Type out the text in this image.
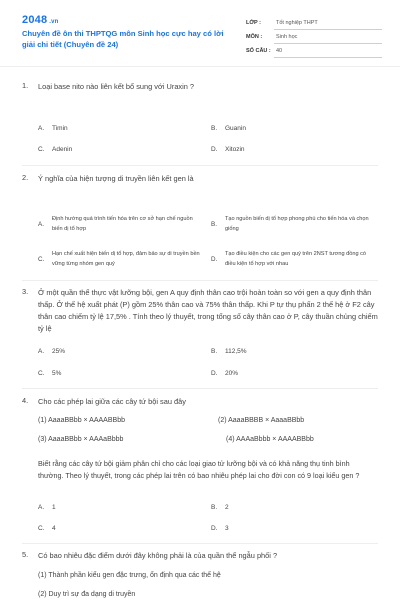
2048 .vn
Chuyên đề ôn thi THPTQG môn Sinh học cực hay có lời giải chi tiết (Chuyên đề 24)
LỚP :	Tốt nghiệp THPT
MÔN :	Sinh học
SỐ CÂU : 40
1. Loại base nito nào liên kết bổ sung với Uraxin ?
A. Timin	B. Guanin
C. Adenin	D. Xitozin
2. Ý nghĩa của hiện tượng di truyền liên kết gen là
A.
Định hướng quá trình tiến hóa trên cơ sở hạn chế nguồn biến dị tổ hợp
B.
Tạo nguồn biến dị tổ hợp phong phú cho tiến hóa và chọn giống
C.
Hạn chế xuất hiện biến dị tổ hợp, đảm bảo sự di truyền bền vững từng nhóm gen quý
D.
Tạo điều kiện cho các gen quý trên 2NST tương đồng có điều kiện tổ hợp với nhau
3. Ở một quần thể thực vật lưỡng bội, gen A quy định thân cao trội hoàn toàn so với gen a quy định thân thấp. Ở thế hệ xuất phát (P) gồm 25% thân cao và 75% thân thấp. Khi P tự thụ phấn 2 thế hệ ở F2 cây thân cao chiếm tỷ lệ 17,5% . Tính theo lý thuyết, trong tổng số cây thân cao ở P, cây thuần chủng chiếm tỷ lệ
A. 25%	B. 112,5%
C. 5%	D. 20%
4. Cho các phép lai giữa các cây tứ bội sau đây
(1) AaaaBBbb × AAAABBbb	(2) AaaaBBBB × AaaaBBbb
(3) AaaaBBbb × AAAaBbbb	(4) AAAaBbbb × AAAABBbb
Biết rằng các cây tứ bội giảm phân chỉ cho các loại giao tử lưỡng bội và có khả năng thụ tinh bình thường. Theo lý thuyết, trong các phép lai trên có bao nhiêu phép lai cho đời con có 9 loại kiểu gen ?
A. 1	B. 2
C. 4	D. 3
5. Có bao nhiêu đặc điểm dưới đây không phải là của quần thể ngẫu phối ?
(1) Thành phần kiểu gen đặc trưng, ổn định qua các thế hệ
(2) Duy trì sự đa dạng di truyền
